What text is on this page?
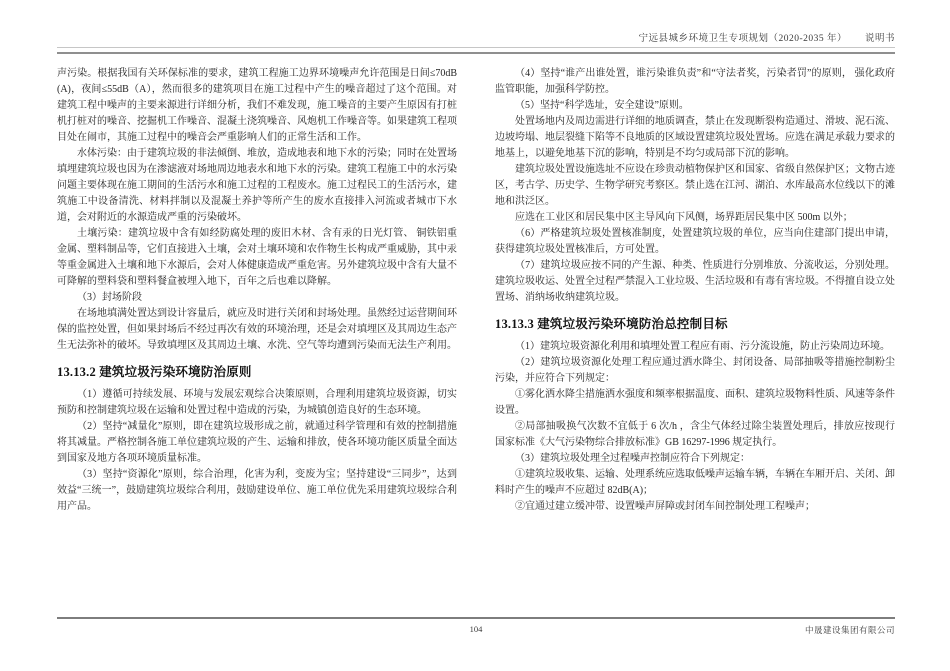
宁远县城乡环境卫生专项规划（2020-2035 年） 说明书

声污染。根据我国有关环保标准的要求，建筑工程施工边界环境噪声允许范围是日间≤70dB(A)，夜间≤55dB（A），然而很多的建筑项目在施工过程中产生的噪音超过了这个范围。对建筑工程中噪声的主要来源进行详细分析，我们不难发现，施工噪音的主要产生原因有打桩机打桩对的噪音、挖掘机工作噪音、混凝土浇筑噪音、风炮机工作噪音等。如果建筑工程项目处在闹市，其施工过程中的噪音会严重影响人们的正常生活和工作。

水体污染：由于建筑垃圾的非法倾倒、堆放，造成地表和地下水的污染；同时在处置场填埋建筑垃圾也因为在渗滤液对场地周边地表水和地下水的污染。建筑工程施工中的水污染问题主要体现在施工期间的生活污水和施工过程的工程废水。施工过程民工的生活污水，建筑施工中设备清洗、材料拌制以及混凝土养护等所产生的废水直接排入河流或者城市下水道，会对附近的水源造成严重的污染破坏。

土壤污染：建筑垃圾中含有如经防腐处理的废旧木材、含有汞的日光灯管、 铜铁铝重金属、塑料制品等，它们直接进入土壤，会对土壤环境和农作物生长构成严重威胁，其中汞等重金属进入土壤和地下水源后，会对人体健康造成严重危害。另外建筑垃圾中含有大量不可降解的塑料袋和塑料餐盒被埋入地下，百年之后也难以降解。

（3）封场阶段

在场地填满处置达到设计容量后，就应及时进行关闭和封场处理。虽然经过运营期间环保的监控处置，但如果封场后不经过再次有效的环境治理，还是会对填埋区及其周边生态产生无法弥补的破坏。导致填埋区及其周边土壤、水洗、空气等均遭到污染而无法生产利用。

13.13.2 建筑垃圾污染环境防治原则

（1）遵循可持续发展、环境与发展宏观综合决策原则，合理利用建筑垃圾资源，切实预防和控制建筑垃圾在运输和处置过程中造成的污染，为城镇创造良好的生态环境。

（2）坚持“减量化”原则，即在建筑垃圾形成之前，就通过科学管理和有效的控制措施将其减量。严格控制各施工单位建筑垃圾的产生、运输和排放，使各环境功能区质量全面达到国家及地方各项环境质量标准。

（3）坚持“资源化”原则，综合治理，化害为利，变废为宝；坚持建设“三同步”，达到效益“三统一”，鼓励建筑垃圾综合利用，鼓励建设单位、施工单位优先采用建筑垃圾综合利用产品。

（4）坚持“谁产出谁处置，谁污染谁负责”和“守法者奖，污染者罚”的原则， 强化政府监管职能，加强科学防控。

（5）坚持“科学选址，安全建设”原则。

处置场地内及周边需进行详细的地质调查，禁止在发现断裂构造通过、滑坡、泥石流、边坡垮塌、地层裂缝下陷等不良地质的区域设置建筑垃圾处置场。应选在满足承载力要求的地基上，以避免地基下沉的影响，特别是不均匀或局部下沉的影响。

建筑垃圾处置设施选址不应设在珍贵动植物保护区和国家、省级自然保护区；文物古迹区，考古学、历史学、生物学研究考察区。禁止选在江河、湖泊、水库最高水位线以下的滩地和洪泛区。

应选在工业区和居民集中区主导风向下风侧，场界距居民集中区 500m 以外；

（6）严格建筑垃圾处置核准制度，处置建筑垃圾的单位，应当向住建部门提出申请，获得建筑垃圾处置核准后，方可处置。

（7）建筑垃圾应按不同的产生源、种类、性质进行分别堆放、分流收运，分别处理。建筑垃圾收运、处置全过程严禁混入工业垃圾、生活垃圾和有毒有害垃圾。不得擅自设立处置场、消纳场收纳建筑垃圾。

13.13.3 建筑垃圾污染环境防治总控制目标

（1）建筑垃圾资源化利用和填埋处置工程应有雨、污分流设施，防止污染周边环境。

（2）建筑垃圾资源化处理工程应通过洒水降尘、封闭设备、局部抽吸等措施控制粉尘污染，并应符合下列规定：

①雾化洒水降尘措施洒水强度和频率根据温度、面积、建筑垃圾物料性质、风速等条件设置。

②局部抽吸换气次数不宜低于 6 次/h ，含尘气体经过除尘装置处理后，排放应按现行国家标准《大气污染物综合排放标准》GB 16297-1996 规定执行。

（3）建筑垃圾处理全过程噪声控制应符合下列规定：

①建筑垃圾收集、运输、处理系统应选取低噪声运输车辆，车辆在车厢开启、关闭、卸料时产生的噪声不应超过 82dB(A)；

②宜通过建立缓冲带、设置噪声屏障或封闭车间控制处理工程噪声；

104	中晟建设集团有限公司
